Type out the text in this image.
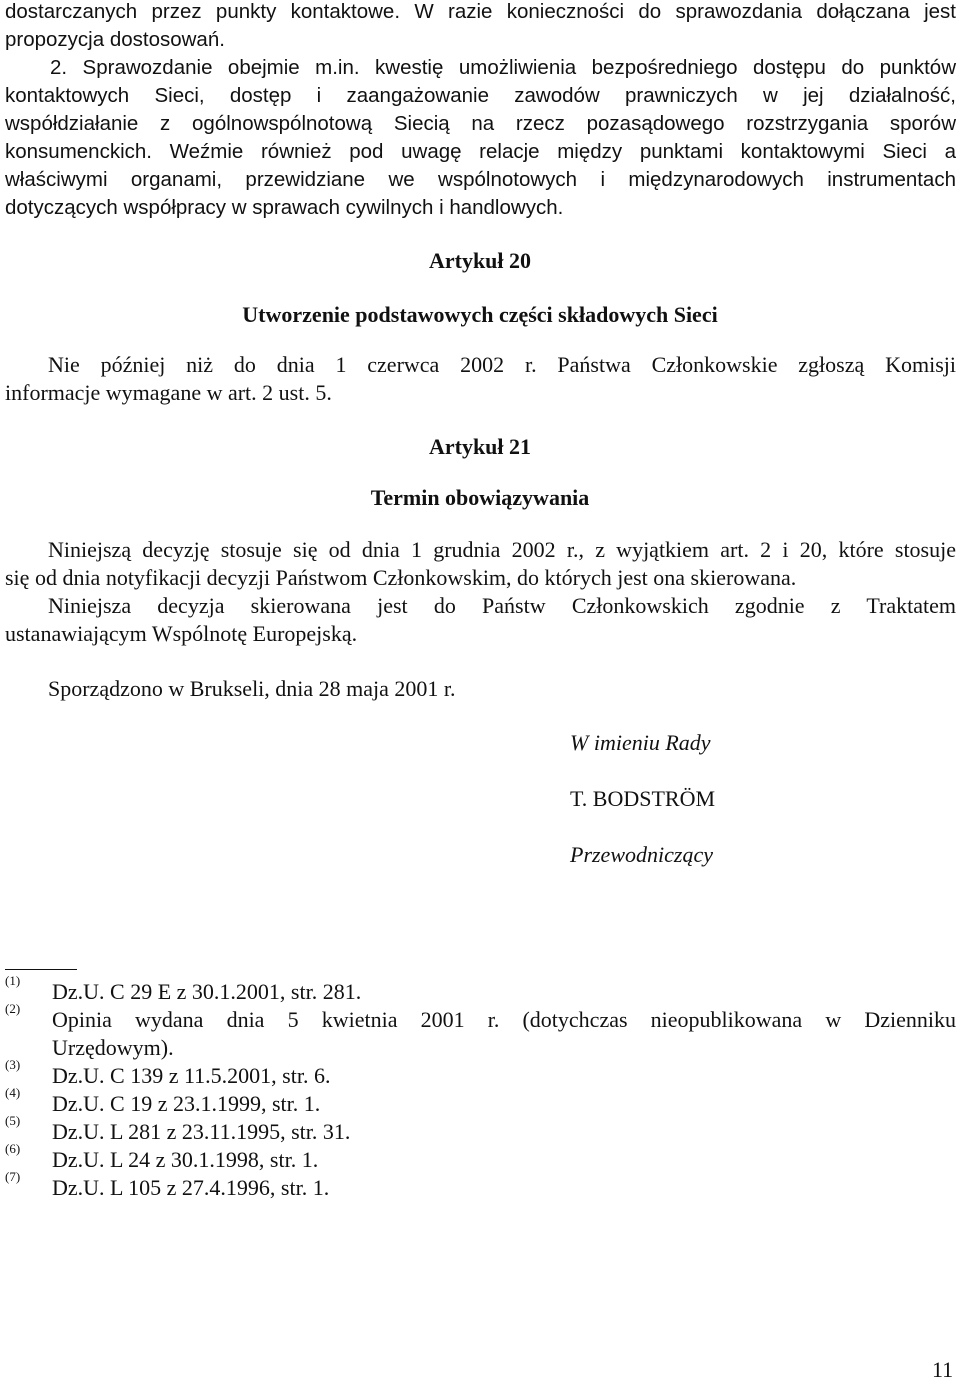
dostarczanych przez punkty kontaktowe. W razie konieczności do sprawozdania dołączana jest
propozycja dostosowań.
2. Sprawozdanie obejmie m.in. kwestię umożliwienia bezpośredniego dostępu do punktów
kontaktowych Sieci, dostęp i zaangażowanie zawodów prawniczych w jej działalność,
współdziałanie z ogólnowspólnotową Siecią na rzecz pozasądowego rozstrzygania sporów
konsumenckich. Weźmie również pod uwagę relacje między punktami kontaktowymi Sieci a
właściwymi organami, przewidziane we wspólnotowych i międzynarodowych instrumentach
dotyczących współpracy w sprawach cywilnych i handlowych.

Artykuł 20

Utworzenie podstawowych części składowych Sieci

Nie później niż do dnia 1 czerwca 2002 r. Państwa Członkowskie zgłoszą Komisji
informacje wymagane w art. 2 ust. 5.

Artykuł 21

Termin obowiązywania

Niniejszą decyzję stosuje się od dnia 1 grudnia 2002 r., z wyjątkiem art. 2 i 20, które stosuje
się od dnia notyfikacji decyzji Państwom Członkowskim, do których jest ona skierowana.
Niniejsza decyzja skierowana jest do Państw Członkowskich zgodnie z Traktatem
ustanawiającym Wspólnotę Europejską.

Sporządzono w Brukseli, dnia 28 maja 2001 r.

W imieniu Rady

T. BODSTRÖM

Przewodniczący

(1) Dz.U. C 29 E z 30.1.2001, str. 281.

(2) Opinia wydana dnia 5 kwietnia 2001 r. (dotychczas nieopublikowana w Dzienniku
Urzędowym).

(3) Dz.U. C 139 z 11.5.2001, str. 6.

(4) Dz.U. C 19 z 23.1.1999, str. 1.

(5) Dz.U. L 281 z 23.11.1995, str. 31.

(6) Dz.U. L 24 z 30.1.1998, str. 1.

(7) Dz.U. L 105 z 27.4.1996, str. 1.

11
